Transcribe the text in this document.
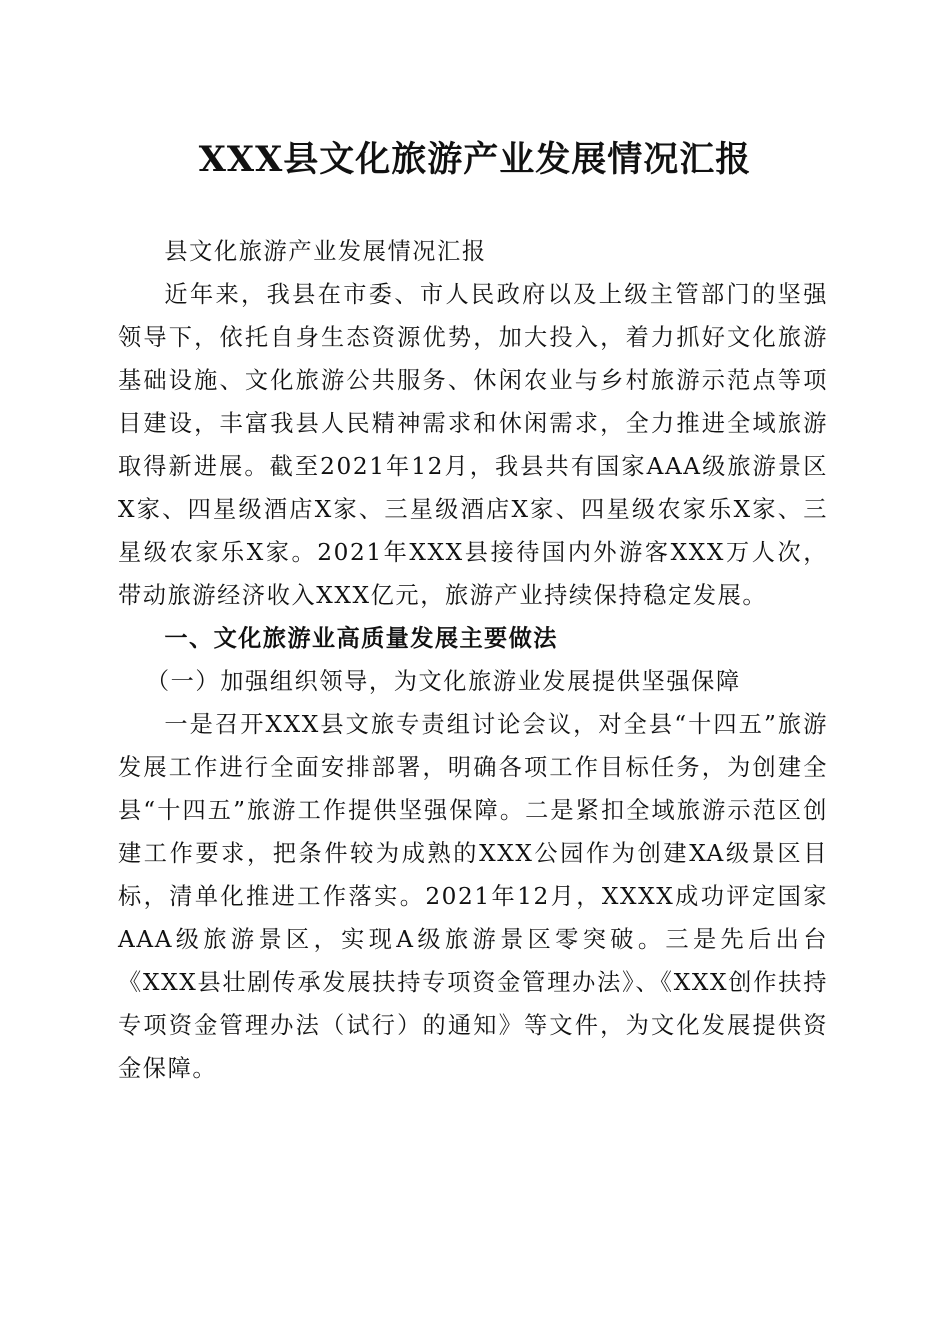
XXX县文化旅游产业发展情况汇报

县文化旅游产业发展情况汇报

近年来，我县在市委、市人民政府以及上级主管部门的坚强领导下，依托自身生态资源优势，加大投入，着力抓好文化旅游基础设施、文化旅游公共服务、休闲农业与乡村旅游示范点等项目建设，丰富我县人民精神需求和休闲需求，全力推进全域旅游取得新进展。截至2021年12月，我县共有国家AAA级旅游景区X家、四星级酒店X家、三星级酒店X家、四星级农家乐X家、三星级农家乐X家。2021年XXX县接待国内外游客XXX万人次，带动旅游经济收入XXX亿元，旅游产业持续保持稳定发展。

一、文化旅游业高质量发展主要做法

（一）加强组织领导，为文化旅游业发展提供坚强保障

一是召开XXX县文旅专责组讨论会议，对全县“十四五”旅游发展工作进行全面安排部署，明确各项工作目标任务，为创建全县“十四五”旅游工作提供坚强保障。二是紧扣全域旅游示范区创建工作要求，把条件较为成熟的XXX公园作为创建XA级景区目标，清单化推进工作落实。2021年12月，XXXX成功评定国家AAA级旅游景区，实现A级旅游景区零突破。三是先后出台《XXX县壮剧传承发展扶持专项资金管理办法》、《XXX创作扶持专项资金管理办法（试行）的通知》等文件，为文化发展提供资金保障。
